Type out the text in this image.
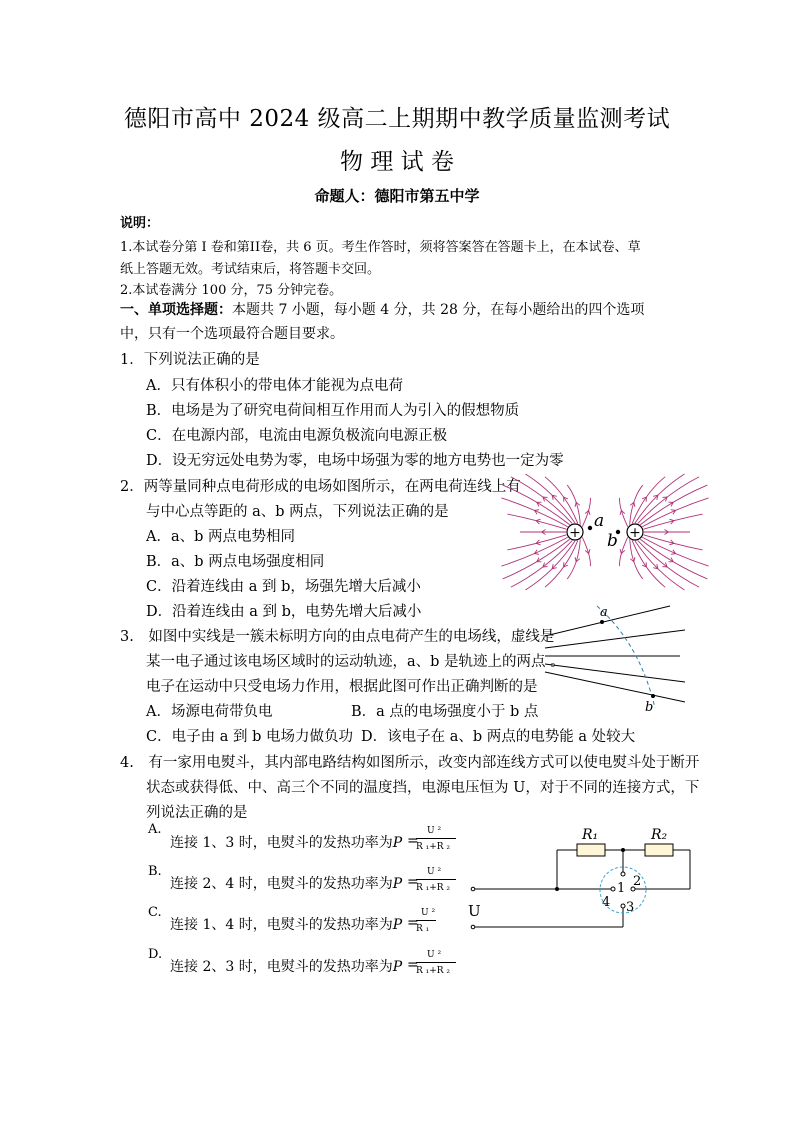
德阳市高中 2024 级高二上期期中教学质量监测考试
物 理 试 卷
命题人：德阳市第五中学
说明：
1.本试卷分第 I 卷和第II卷，共 6 页。考生作答时，须将答案答在答题卡上，在本试卷、草
纸上答题无效。考试结束后，将答题卡交回。
2.本试卷满分 100 分，75 分钟完卷。
一、单项选择题：本题共 7 小题，每小题 4 分，共 28 分，在每小题给出的四个选项
中，只有一个选项最符合题目要求。
1．下列说法正确的是
A．只有体积小的带电体才能视为点电荷
B．电场是为了研究电荷间相互作用而人为引入的假想物质
C．在电源内部，电流由电源负极流向电源正极
D．设无穷远处电势为零，电场中场强为零的地方电势也一定为零
2．两等量同种点电荷形成的电场如图所示，在两电荷连线上有
与中心点等距的 a、b 两点，下列说法正确的是
A．a、b 两点电势相同
B．a、b 两点电场强度相同
C．沿着连线由 a 到 b，场强先增大后减小
D．沿着连线由 a 到 b，电势先增大后减小
+	+
a
b
3.　如图中实线是一簇未标明方向的由点电荷产生的电场线，虚线是
某一电子通过该电场区域时的运动轨迹，a、b 是轨迹上的两点 。
电子在运动中只受电场力作用，根据此图可作出正确判断的是
A．场源电荷带负电	B．a 点的电场强度小于 b 点
C．电子由 a 到 b 电场力做负功 D．该电子在 a、b 两点的电势能 a 处较大
a
b
4.　有一家用电熨斗，其内部电路结构如图所示，改变内部连线方式可以使电熨斗处于断开
状态或获得低、中、高三个不同的温度挡，电源电压恒为 U，对于不同的连接方式，下
列说法正确的是
A.
连接 1、3 时，电熨斗的发热功率为P =
U ²
R ₁+R ₂
B.
连接 2、4 时，电熨斗的发热功率为P =
U ²
R ₁+R ₂
C.
连接 1、4 时，电熨斗的发热功率为P =
U ²
R ₁
D.
连接 2、3 时，电熨斗的发热功率为P =
U ²
R ₁+R ₂
1 2
3
4
R₁	R₂
U
